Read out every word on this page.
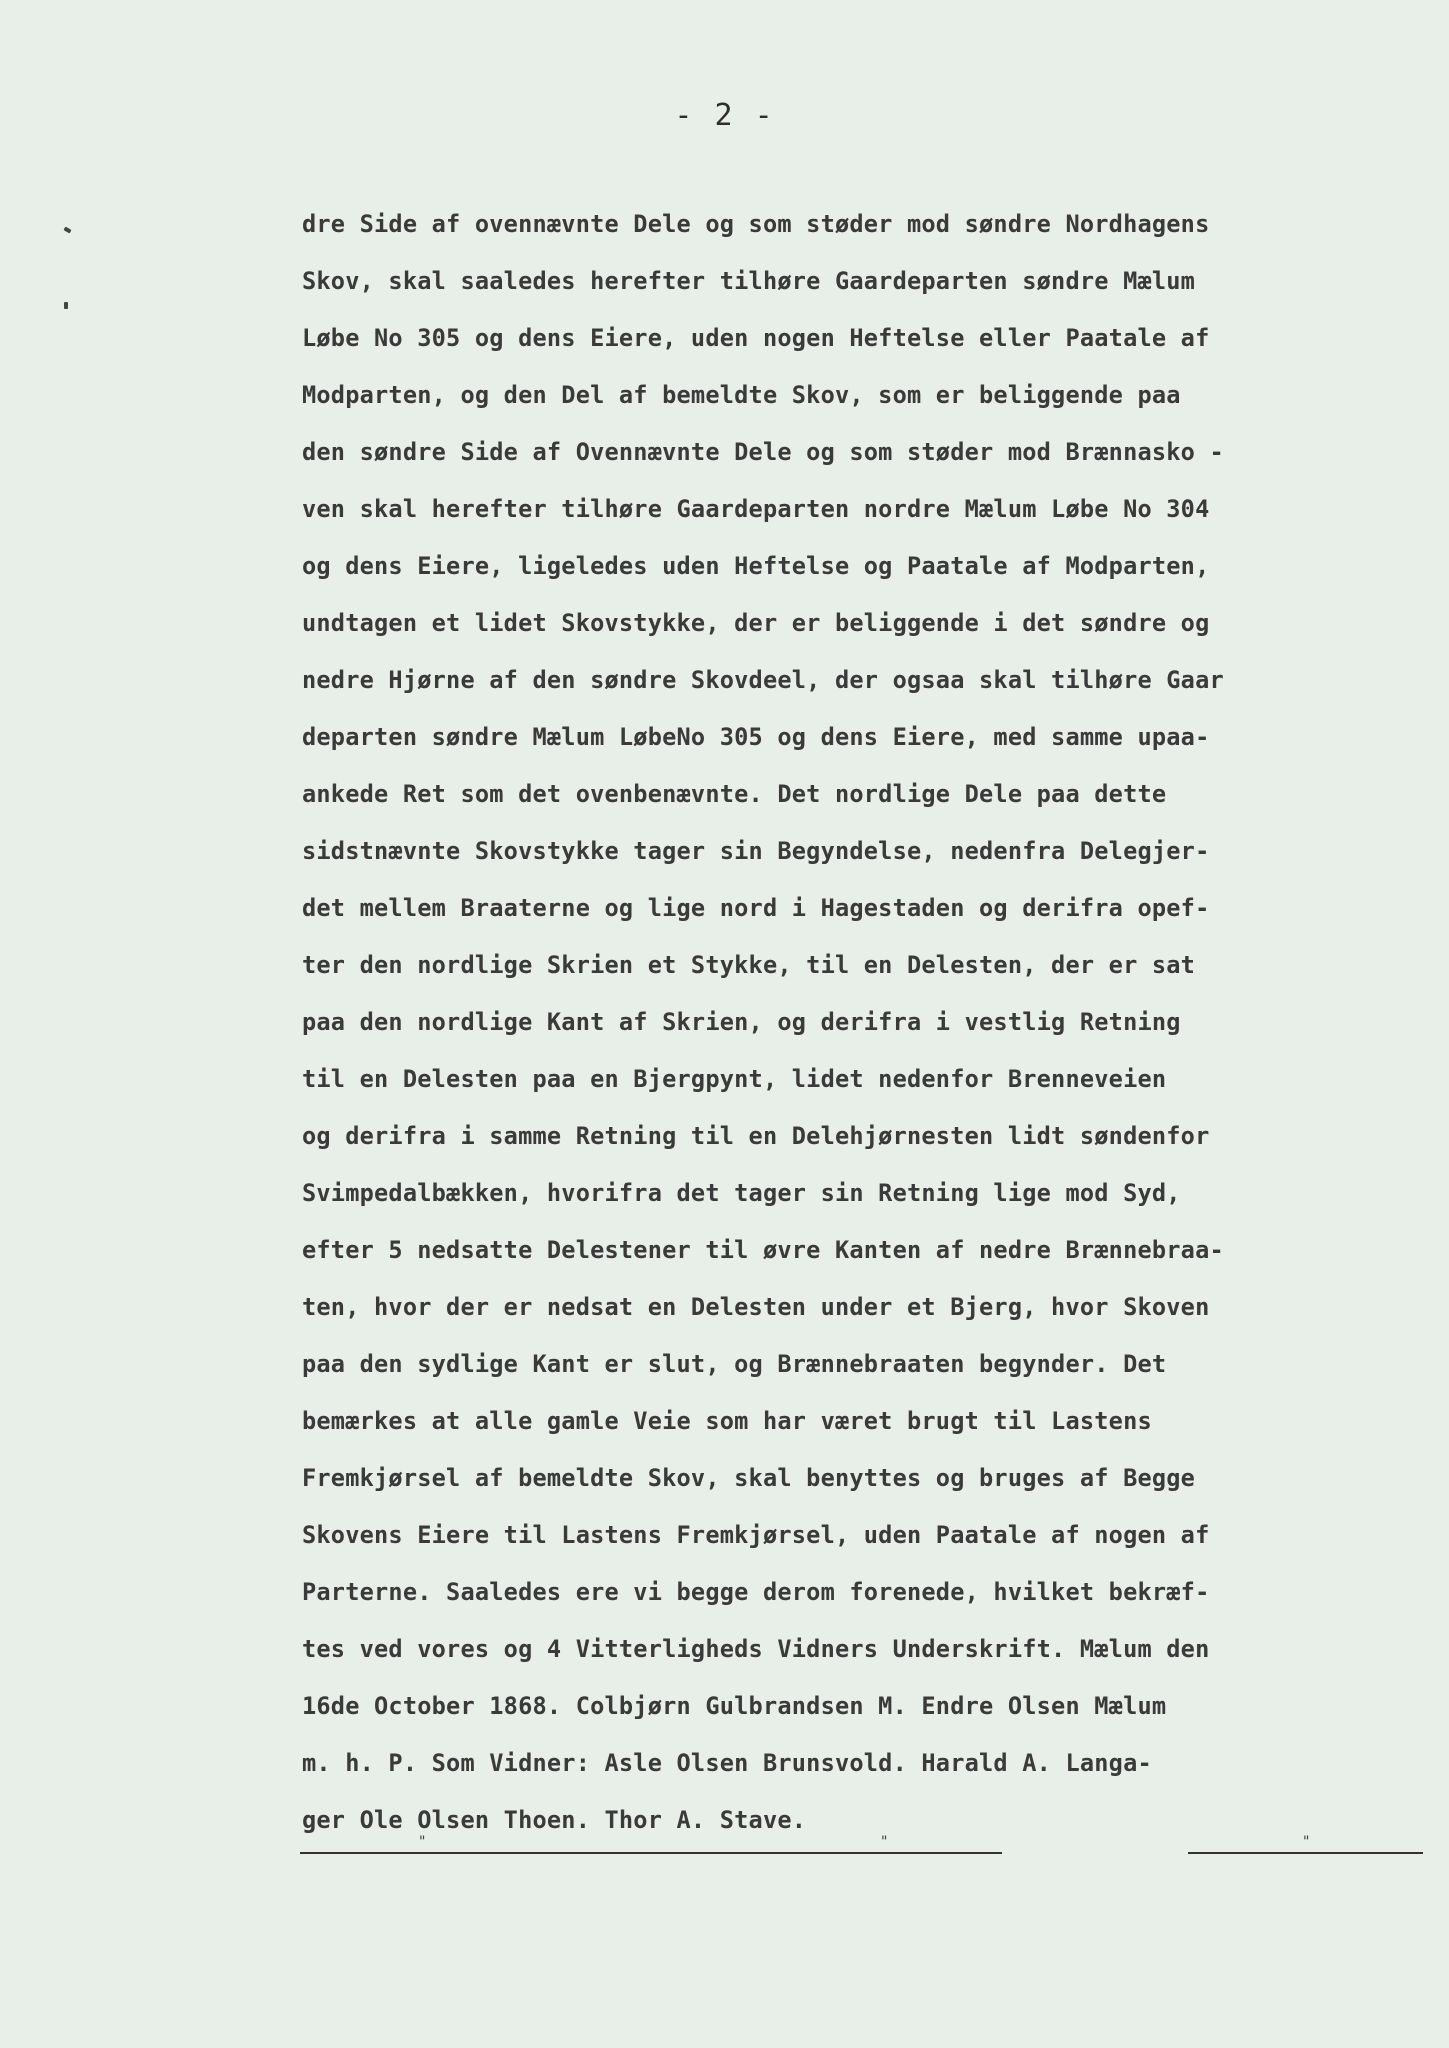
- 2 -
dre Side af ovennævnte Dele og som støder mod søndre Nordhagens
Skov, skal saaledes herefter tilhøre Gaardeparten søndre Mælum
Løbe No 305 og dens Eiere, uden nogen Heftelse eller Paatale af
Modparten, og den Del af bemeldte Skov, som er beliggende paa
den søndre Side af Ovennævnte Dele og som støder mod Brænnasko -
ven skal herefter tilhøre Gaardeparten nordre Mælum Løbe No 304
og dens Eiere, ligeledes uden Heftelse og Paatale af Modparten,
undtagen et lidet Skovstykke, der er beliggende i det søndre og
nedre Hjørne af den søndre Skovdeel, der ogsaa skal tilhøre Gaar
departen søndre Mælum LøbeNo 305 og dens Eiere, med samme upaa-
ankede Ret som det ovenbenævnte. Det nordlige Dele paa dette
sidstnævnte Skovstykke tager sin Begyndelse, nedenfra Delegjer-
det mellem Braaterne og lige nord i Hagestaden og derifra opef-
ter den nordlige Skrien et Stykke, til en Delesten, der er sat
paa den nordlige Kant af Skrien, og derifra i vestlig Retning
til en Delesten paa en Bjergpynt, lidet nedenfor Brenneveien
og derifra i samme Retning til en Delehjørnesten lidt søndenfor
Svimpedalbækken, hvorifra det tager sin Retning lige mod Syd,
efter 5 nedsatte Delestener til øvre Kanten af nedre Brænnebraa-
ten, hvor der er nedsat en Delesten under et Bjerg, hvor Skoven
paa den sydlige Kant er slut, og Brænnebraaten begynder. Det
bemærkes at alle gamle Veie som har været brugt til Lastens
Fremkjørsel af bemeldte Skov, skal benyttes og bruges af Begge
Skovens Eiere til Lastens Fremkjørsel, uden Paatale af nogen af
Parterne. Saaledes ere vi begge derom forenede, hvilket bekræf-
tes ved vores og 4 Vitterligheds Vidners Underskrift. Mælum den
16de October 1868. Colbjørn Gulbrandsen M. Endre Olsen Mælum
m. h. P. Som Vidner: Asle Olsen Brunsvold. Harald A. Langa-
ger Ole Olsen Thoen. Thor A. Stave.
"	"	"
